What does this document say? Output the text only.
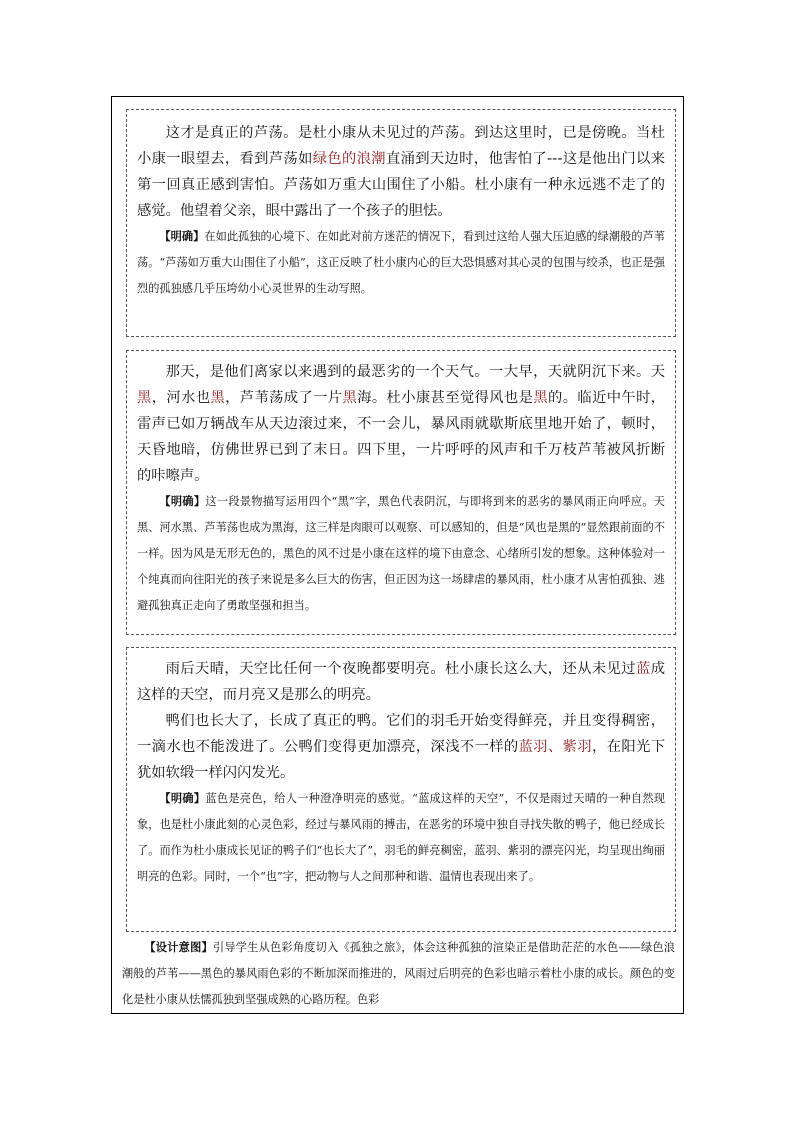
这才是真正的芦荡。是杜小康从未见过的芦荡。到达这里时，已是傍晚。当杜小康一眼望去，看到芦荡如绿色的浪潮直涌到天边时，他害怕了---这是他出门以来第一回真正感到害怕。芦荡如万重大山围住了小船。杜小康有一种永远逃不走了的感觉。他望着父亲，眼中露出了一个孩子的胆怯。

【明确】在如此孤独的心境下、在如此对前方迷茫的情况下，看到过这给人强大压迫感的绿潮般的芦苇荡。“芦荡如万重大山围住了小船”，这正反映了杜小康内心的巨大恐惧感对其心灵的包围与绞杀，也正是强烈的孤独感几乎压垮幼小心灵世界的生动写照。

那天，是他们离家以来遇到的最恶劣的一个天气。一大早，天就阴沉下来。天黑，河水也黑，芦苇荡成了一片黑海。杜小康甚至觉得风也是黑的。临近中午时，雷声已如万辆战车从天边滚过来，不一会儿，暴风雨就歇斯底里地开始了，顿时，天昏地暗，仿佛世界已到了末日。四下里，一片呼呼的风声和千万枝芦苇被风折断的咔嚓声。

【明确】这一段景物描写运用四个“黑”字，黑色代表阴沉，与即将到来的恶劣的暴风雨正向呼应。天黑、河水黑、芦苇荡也成为黑海，这三样是肉眼可以观察、可以感知的，但是“风也是黑的”显然跟前面的不一样。因为风是无形无色的，黑色的风不过是小康在这样的境下由意念、心绪所引发的想象。这种体验对一个纯真而向往阳光的孩子来说是多么巨大的伤害，但正因为这一场肆虐的暴风雨，杜小康才从害怕孤独、逃避孤独真正走向了勇敢坚强和担当。

雨后天晴，天空比任何一个夜晚都要明亮。杜小康长这么大，还从未见过蓝成这样的天空，而月亮又是那么的明亮。

鸭们也长大了，长成了真正的鸭。它们的羽毛开始变得鲜亮，并且变得稠密，一滴水也不能泼进了。公鸭们变得更加漂亮，深浅不一样的蓝羽、紫羽，在阳光下犹如软缎一样闪闪发光。

【明确】蓝色是亮色，给人一种澄净明亮的感觉。“蓝成这样的天空”，不仅是雨过天晴的一种自然现象，也是杜小康此刻的心灵色彩，经过与暴风雨的搏击，在恶劣的环境中独自寻找失散的鸭子，他已经成长了。而作为杜小康成长见证的鸭子们“也长大了”，羽毛的鲜亮稠密，蓝羽、紫羽的漂亮闪光，均呈现出绚丽明亮的色彩。同时，一个“也”字，把动物与人之间那种和谐、温情也表现出来了。

【设计意图】引导学生从色彩角度切入《孤独之旅》，体会这种孤独的渲染正是借助茫茫的水色——绿色浪潮般的芦苇——黑色的暴风雨色彩的不断加深而推进的，风雨过后明亮的色彩也暗示着杜小康的成长。颜色的变化是杜小康从怯懦孤独到坚强成熟的心路历程。色彩
